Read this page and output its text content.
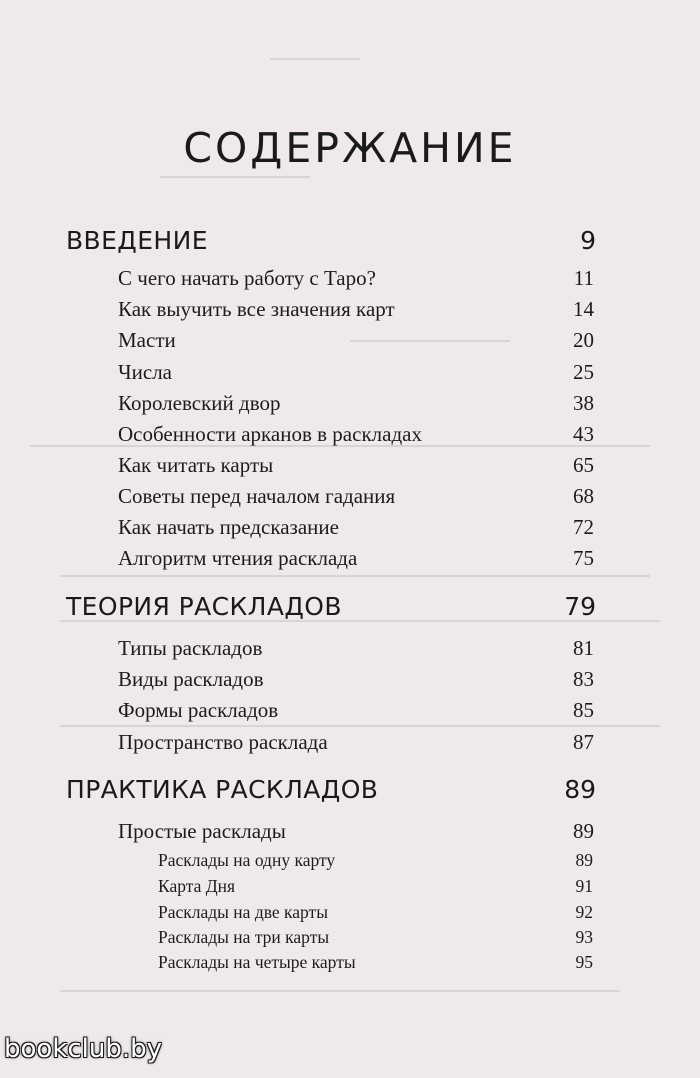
СОДЕРЖАНИЕ
ВВЕДЕНИЕ	9
С чего начать работу с Таро?	11
Как выучить все значения карт	14
Масти	20
Числа	25
Королевский двор	38
Особенности арканов в раскладах	43
Как читать карты	65
Советы перед началом гадания	68
Как начать предсказание	72
Алгоритм чтения расклада	75
ТЕОРИЯ РАСКЛАДОВ	79
Типы раскладов	81
Виды раскладов	83
Формы раскладов	85
Пространство расклада	87
ПРАКТИКА РАСКЛАДОВ	89
Простые расклады	89
Расклады на одну карту	89
Карта Дня	91
Расклады на две карты	92
Расклады на три карты	93
Расклады на четыре карты	95
bookclub.by
